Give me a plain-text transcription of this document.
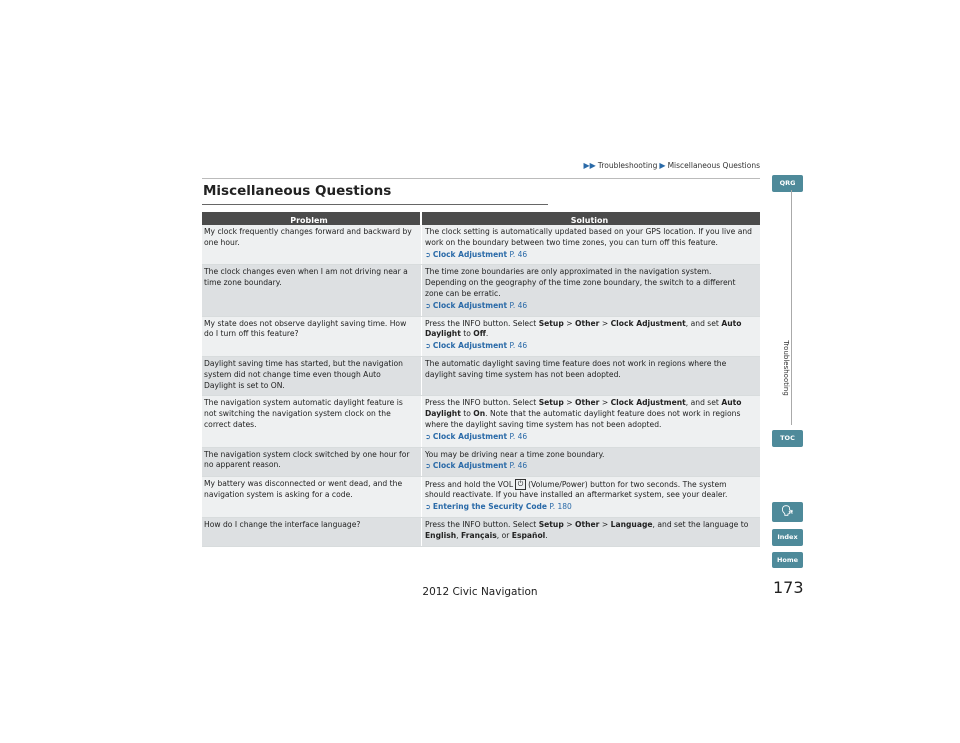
▶▶ Troubleshooting ▶ Miscellaneous Questions
Miscellaneous Questions
Problem	Solution
My clock frequently changes forward and backward by one hour.
The clock setting is automatically updated based on your GPS location. If you live and work on the boundary between two time zones, you can turn off this feature.
➲ Clock Adjustment P. 46
The clock changes even when I am not driving near a time zone boundary.
The time zone boundaries are only approximated in the navigation system. Depending on the geography of the time zone boundary, the switch to a different zone can be erratic.
➲ Clock Adjustment P. 46
My state does not observe daylight saving time. How do I turn off this feature?
Press the INFO button. Select Setup > Other > Clock Adjustment, and set Auto Daylight to Off.
➲ Clock Adjustment P. 46
Daylight saving time has started, but the navigation system did not change time even though Auto Daylight is set to ON.
The automatic daylight saving time feature does not work in regions where the daylight saving time system has not been adopted.
The navigation system automatic daylight feature is not switching the navigation system clock on the correct dates.
Press the INFO button. Select Setup > Other > Clock Adjustment, and set Auto Daylight to On. Note that the automatic daylight feature does not work in regions where the daylight saving time system has not been adopted.
➲ Clock Adjustment P. 46
The navigation system clock switched by one hour for no apparent reason.
You may be driving near a time zone boundary.
➲ Clock Adjustment P. 46
My battery was disconnected or went dead, and the navigation system is asking for a code.
Press and hold the VOL ⏻ (Volume/Power) button for two seconds. The system should reactivate. If you have installed an aftermarket system, see your dealer.
➲ Entering the Security Code P. 180
How do I change the interface language?	Press the INFO button. Select Setup > Other > Language, and set the language to English, Français, or Español.
QRG
Troubleshooting
TOC
🗣
Index
Home
173
2012 Civic Navigation
